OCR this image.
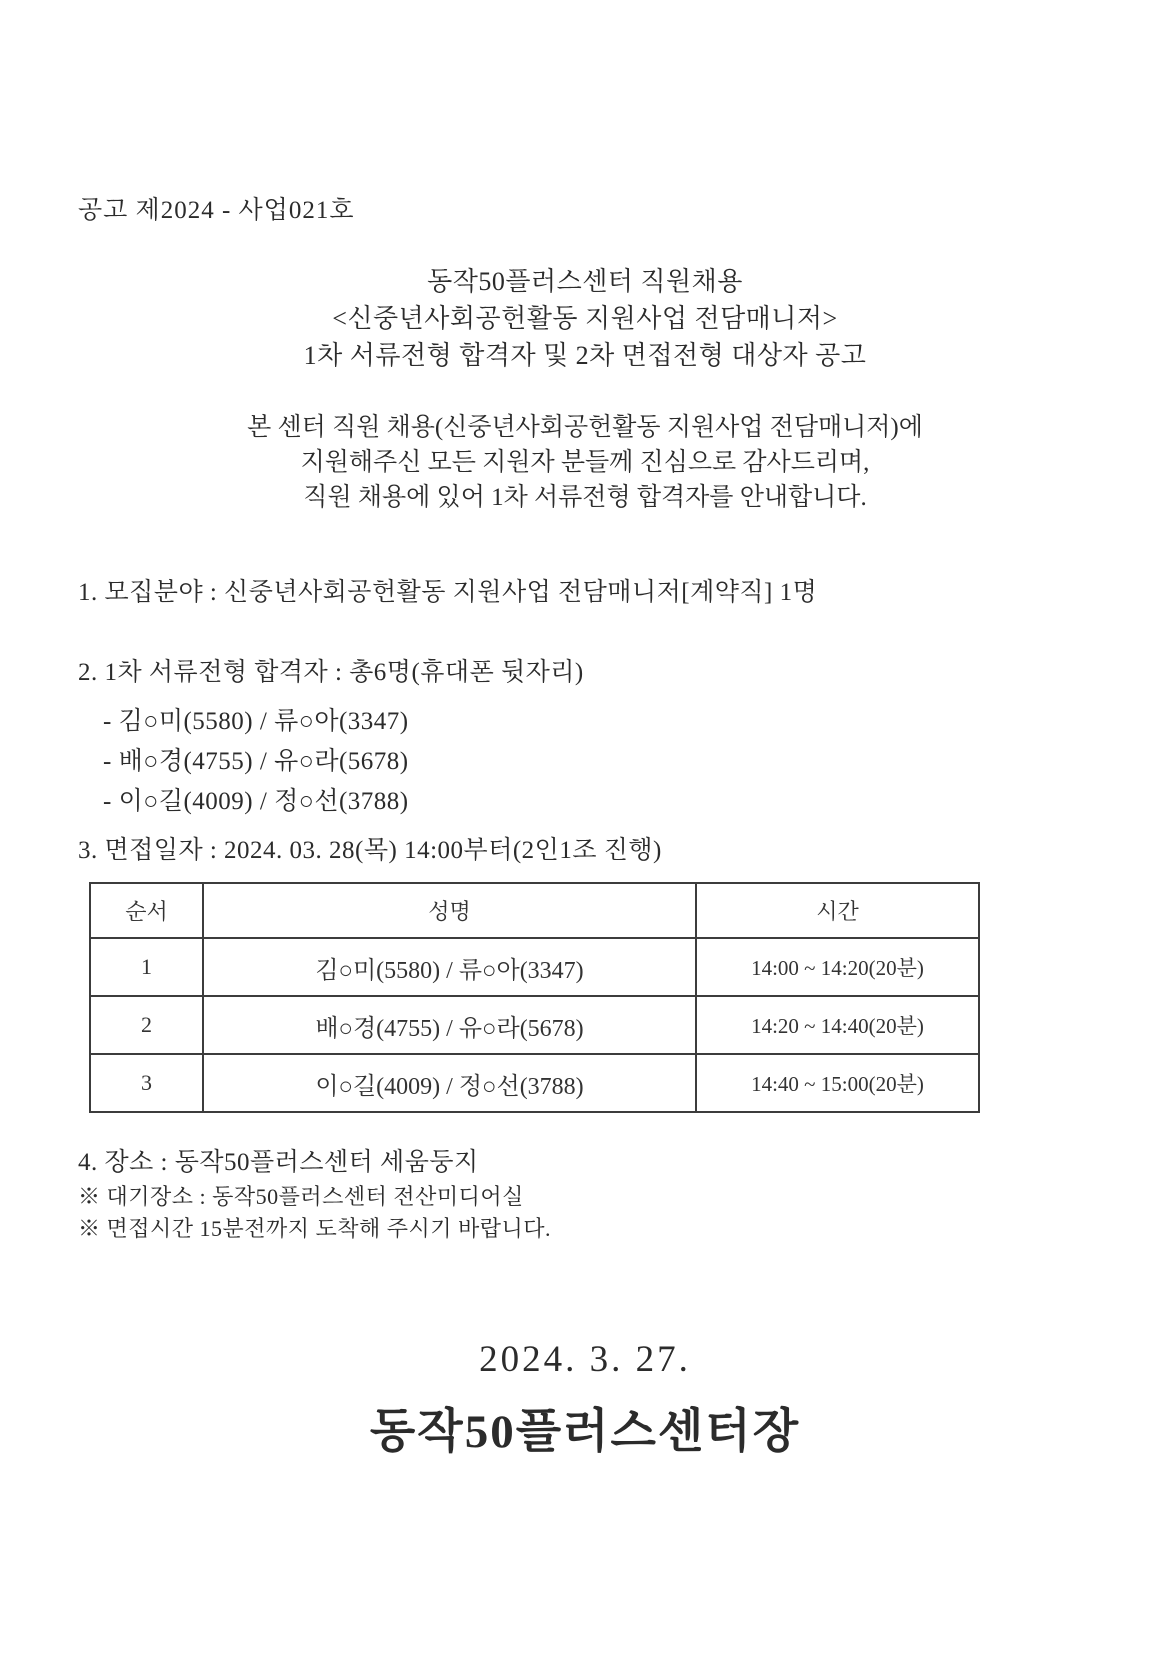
공고 제2024 - 사업021호
동작50플러스센터 직원채용
<신중년사회공헌활동 지원사업 전담매니저>
1차 서류전형 합격자 및 2차 면접전형 대상자 공고
본 센터 직원 채용(신중년사회공헌활동 지원사업 전담매니저)에
지원해주신 모든 지원자 분들께 진심으로 감사드리며,
직원 채용에 있어 1차 서류전형 합격자를 안내합니다.
1. 모집분야 : 신중년사회공헌활동 지원사업 전담매니저[계약직] 1명
2. 1차 서류전형 합격자 : 총6명(휴대폰 뒷자리)
- 김○미(5580) / 류○아(3347)
- 배○경(4755) / 유○라(5678)
- 이○길(4009) / 정○선(3788)
3. 면접일자 : 2024. 03. 28(목) 14:00부터(2인1조 진행)
순서	성명	시간
1	김○미(5580) / 류○아(3347)	14:00 ~ 14:20(20분)
2	배○경(4755) / 유○라(5678)	14:20 ~ 14:40(20분)
3	이○길(4009) / 정○선(3788)	14:40 ~ 15:00(20분)
4. 장소 : 동작50플러스센터 세움둥지
※ 대기장소 : 동작50플러스센터 전산미디어실
※ 면접시간 15분전까지 도착해 주시기 바랍니다.
2024. 3. 27.
동작50플러스센터장
